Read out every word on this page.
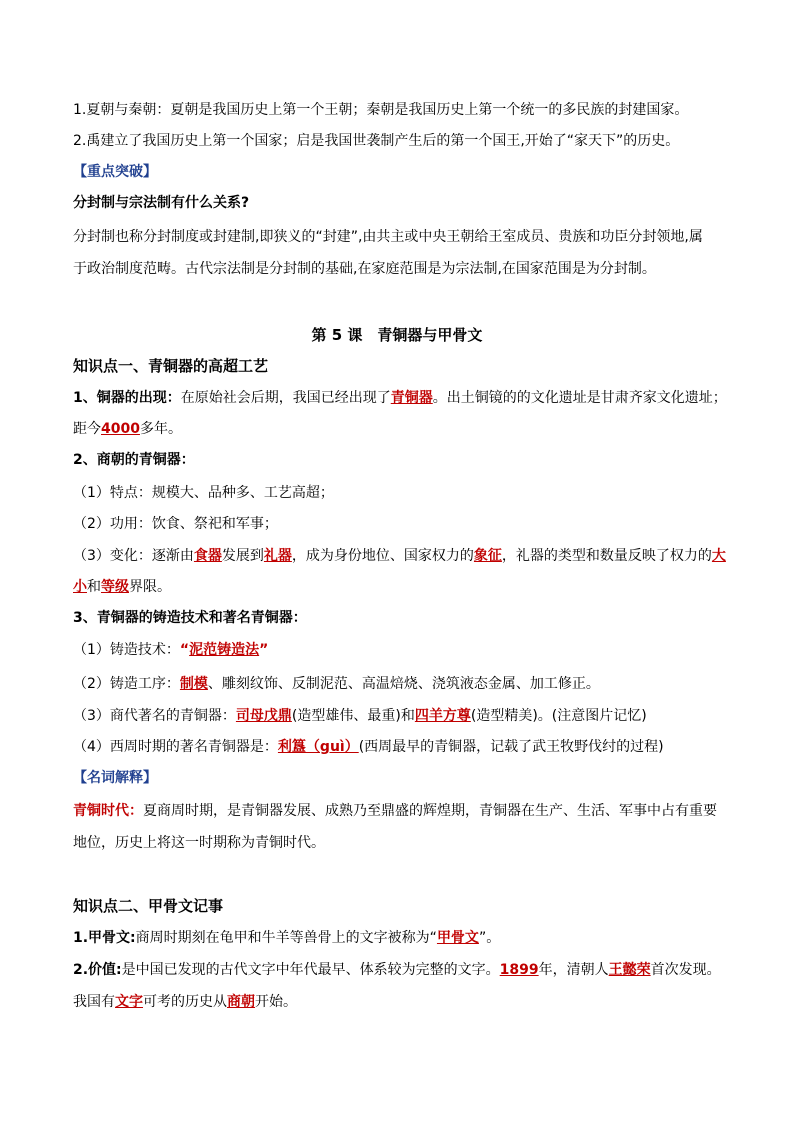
1.夏朝与秦朝：夏朝是我国历史上第一个王朝；秦朝是我国历史上第一个统一的多民族的封建国家。
2.禹建立了我国历史上第一个国家；启是我国世袭制产生后的第一个国王,开始了“家天下”的历史。
【重点突破】
分封制与宗法制有什么关系?
分封制也称分封制度或封建制,即狭义的“封建”,由共主或中央王朝给王室成员、贵族和功臣分封领地,属
于政治制度范畴。古代宗法制是分封制的基础,在家庭范围是为宗法制,在国家范围是为分封制。
第 5 课　青铜器与甲骨文
知识点一、青铜器的高超工艺
1、铜器的出现：在原始社会后期，我国已经出现了青铜器。出土铜镜的的文化遗址是甘肃齐家文化遗址；
距今4000多年。
2、商朝的青铜器：
（1）特点：规模大、品种多、工艺高超；
（2）功用：饮食、祭祀和军事；
（3）变化：逐渐由食器发展到礼器，成为身份地位、国家权力的象征，礼器的类型和数量反映了权力的大
小和等级界限。
3、青铜器的铸造技术和著名青铜器：
（1）铸造技术：“泥范铸造法”
（2）铸造工序：制模、雕刻纹饰、反制泥范、高温焙烧、浇筑液态金属、加工修正。
（3）商代著名的青铜器：司母戊鼎(造型雄伟、最重)和四羊方尊(造型精美)。(注意图片记忆)
（4）西周时期的著名青铜器是：利簋（guì）(西周最早的青铜器，记载了武王牧野伐纣的过程)
【名词解释】
青铜时代：夏商周时期，是青铜器发展、成熟乃至鼎盛的辉煌期，青铜器在生产、生活、军事中占有重要
地位，历史上将这一时期称为青铜时代。
知识点二、甲骨文记事
1.甲骨文:商周时期刻在龟甲和牛羊等兽骨上的文字被称为“甲骨文”。
2.价值:是中国已发现的古代文字中年代最早、体系较为完整的文字。1899年，清朝人王懿荣首次发现。
我国有文字可考的历史从商朝开始。
